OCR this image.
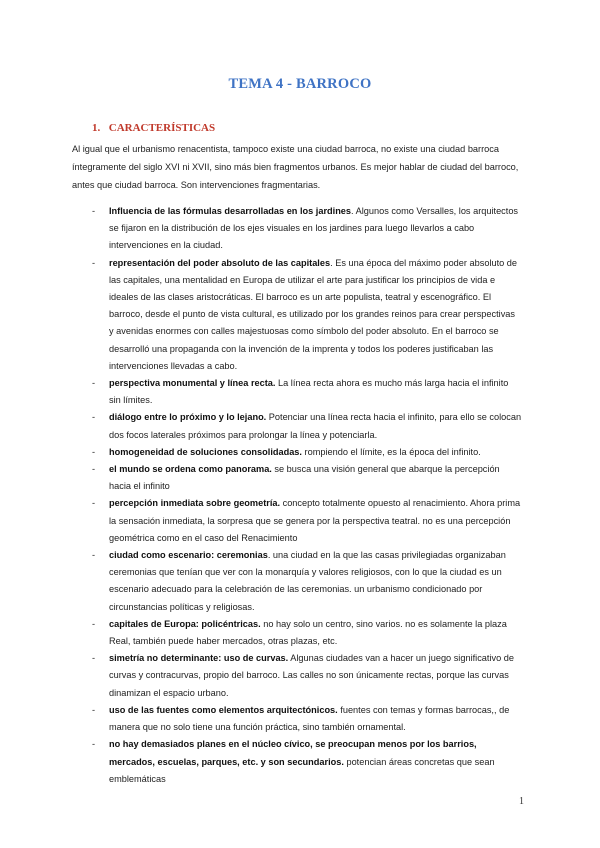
TEMA 4 - BARROCO
1. CARACTERÍSTICAS
Al igual que el urbanismo renacentista, tampoco existe una ciudad barroca, no existe una ciudad barroca íntegramente del siglo XVI ni XVII, sino más bien fragmentos urbanos. Es mejor hablar de ciudad del barroco, antes que ciudad barroca. Son intervenciones fragmentarias.
- Influencia de las fórmulas desarrolladas en los jardines. Algunos como Versalles, los arquitectos se fijaron en la distribución de los ejes visuales en los jardines para luego llevarlos a cabo intervenciones en la ciudad.
- representación del poder absoluto de las capitales. Es una época del máximo poder absoluto de las capitales, una mentalidad en Europa de utilizar el arte para justificar los principios de vida e ideales de las clases aristocráticas. El barroco es un arte populista, teatral y escenográfico. El barroco, desde el punto de vista cultural, es utilizado por los grandes reinos para crear perspectivas y avenidas enormes con calles majestuosas como símbolo del poder absoluto. En el barroco se desarrolló una propaganda con la invención de la imprenta y todos los poderes justificaban las intervenciones llevadas a cabo.
- perspectiva monumental y línea recta. La línea recta ahora es mucho más larga hacia el infinito sin límites.
- diálogo entre lo próximo y lo lejano. Potenciar una línea recta hacia el infinito, para ello se colocan dos focos laterales próximos para prolongar la línea y potenciarla.
- homogeneidad de soluciones consolidadas. rompiendo el límite, es la época del infinito.
- el mundo se ordena como panorama. se busca una visión general que abarque la percepción hacia el infinito
- percepción inmediata sobre geometría. concepto totalmente opuesto al renacimiento. Ahora prima la sensación inmediata, la sorpresa que se genera por la perspectiva teatral. no es una percepción geométrica como en el caso del Renacimiento
- ciudad como escenario: ceremonias. una ciudad en la que las casas privilegiadas organizaban ceremonias que tenían que ver con la monarquía y valores religiosos, con lo que la ciudad es un escenario adecuado para la celebración de las ceremonias. un urbanismo condicionado por circunstancias políticas y religiosas.
- capitales de Europa: policéntricas. no hay solo un centro, sino varios. no es solamente la plaza Real, también puede haber mercados, otras plazas, etc.
- simetría no determinante: uso de curvas. Algunas ciudades van a hacer un juego significativo de curvas y contracurvas, propio del barroco. Las calles no son únicamente rectas, porque las curvas dinamizan el espacio urbano.
- uso de las fuentes como elementos arquitectónicos. fuentes con temas y formas barrocas,, de manera que no solo tiene una función práctica, sino también ornamental.
- no hay demasiados planes en el núcleo cívico, se preocupan menos por los barrios, mercados, escuelas, parques, etc. y son secundarios. potencian áreas concretas que sean emblemáticas
1
